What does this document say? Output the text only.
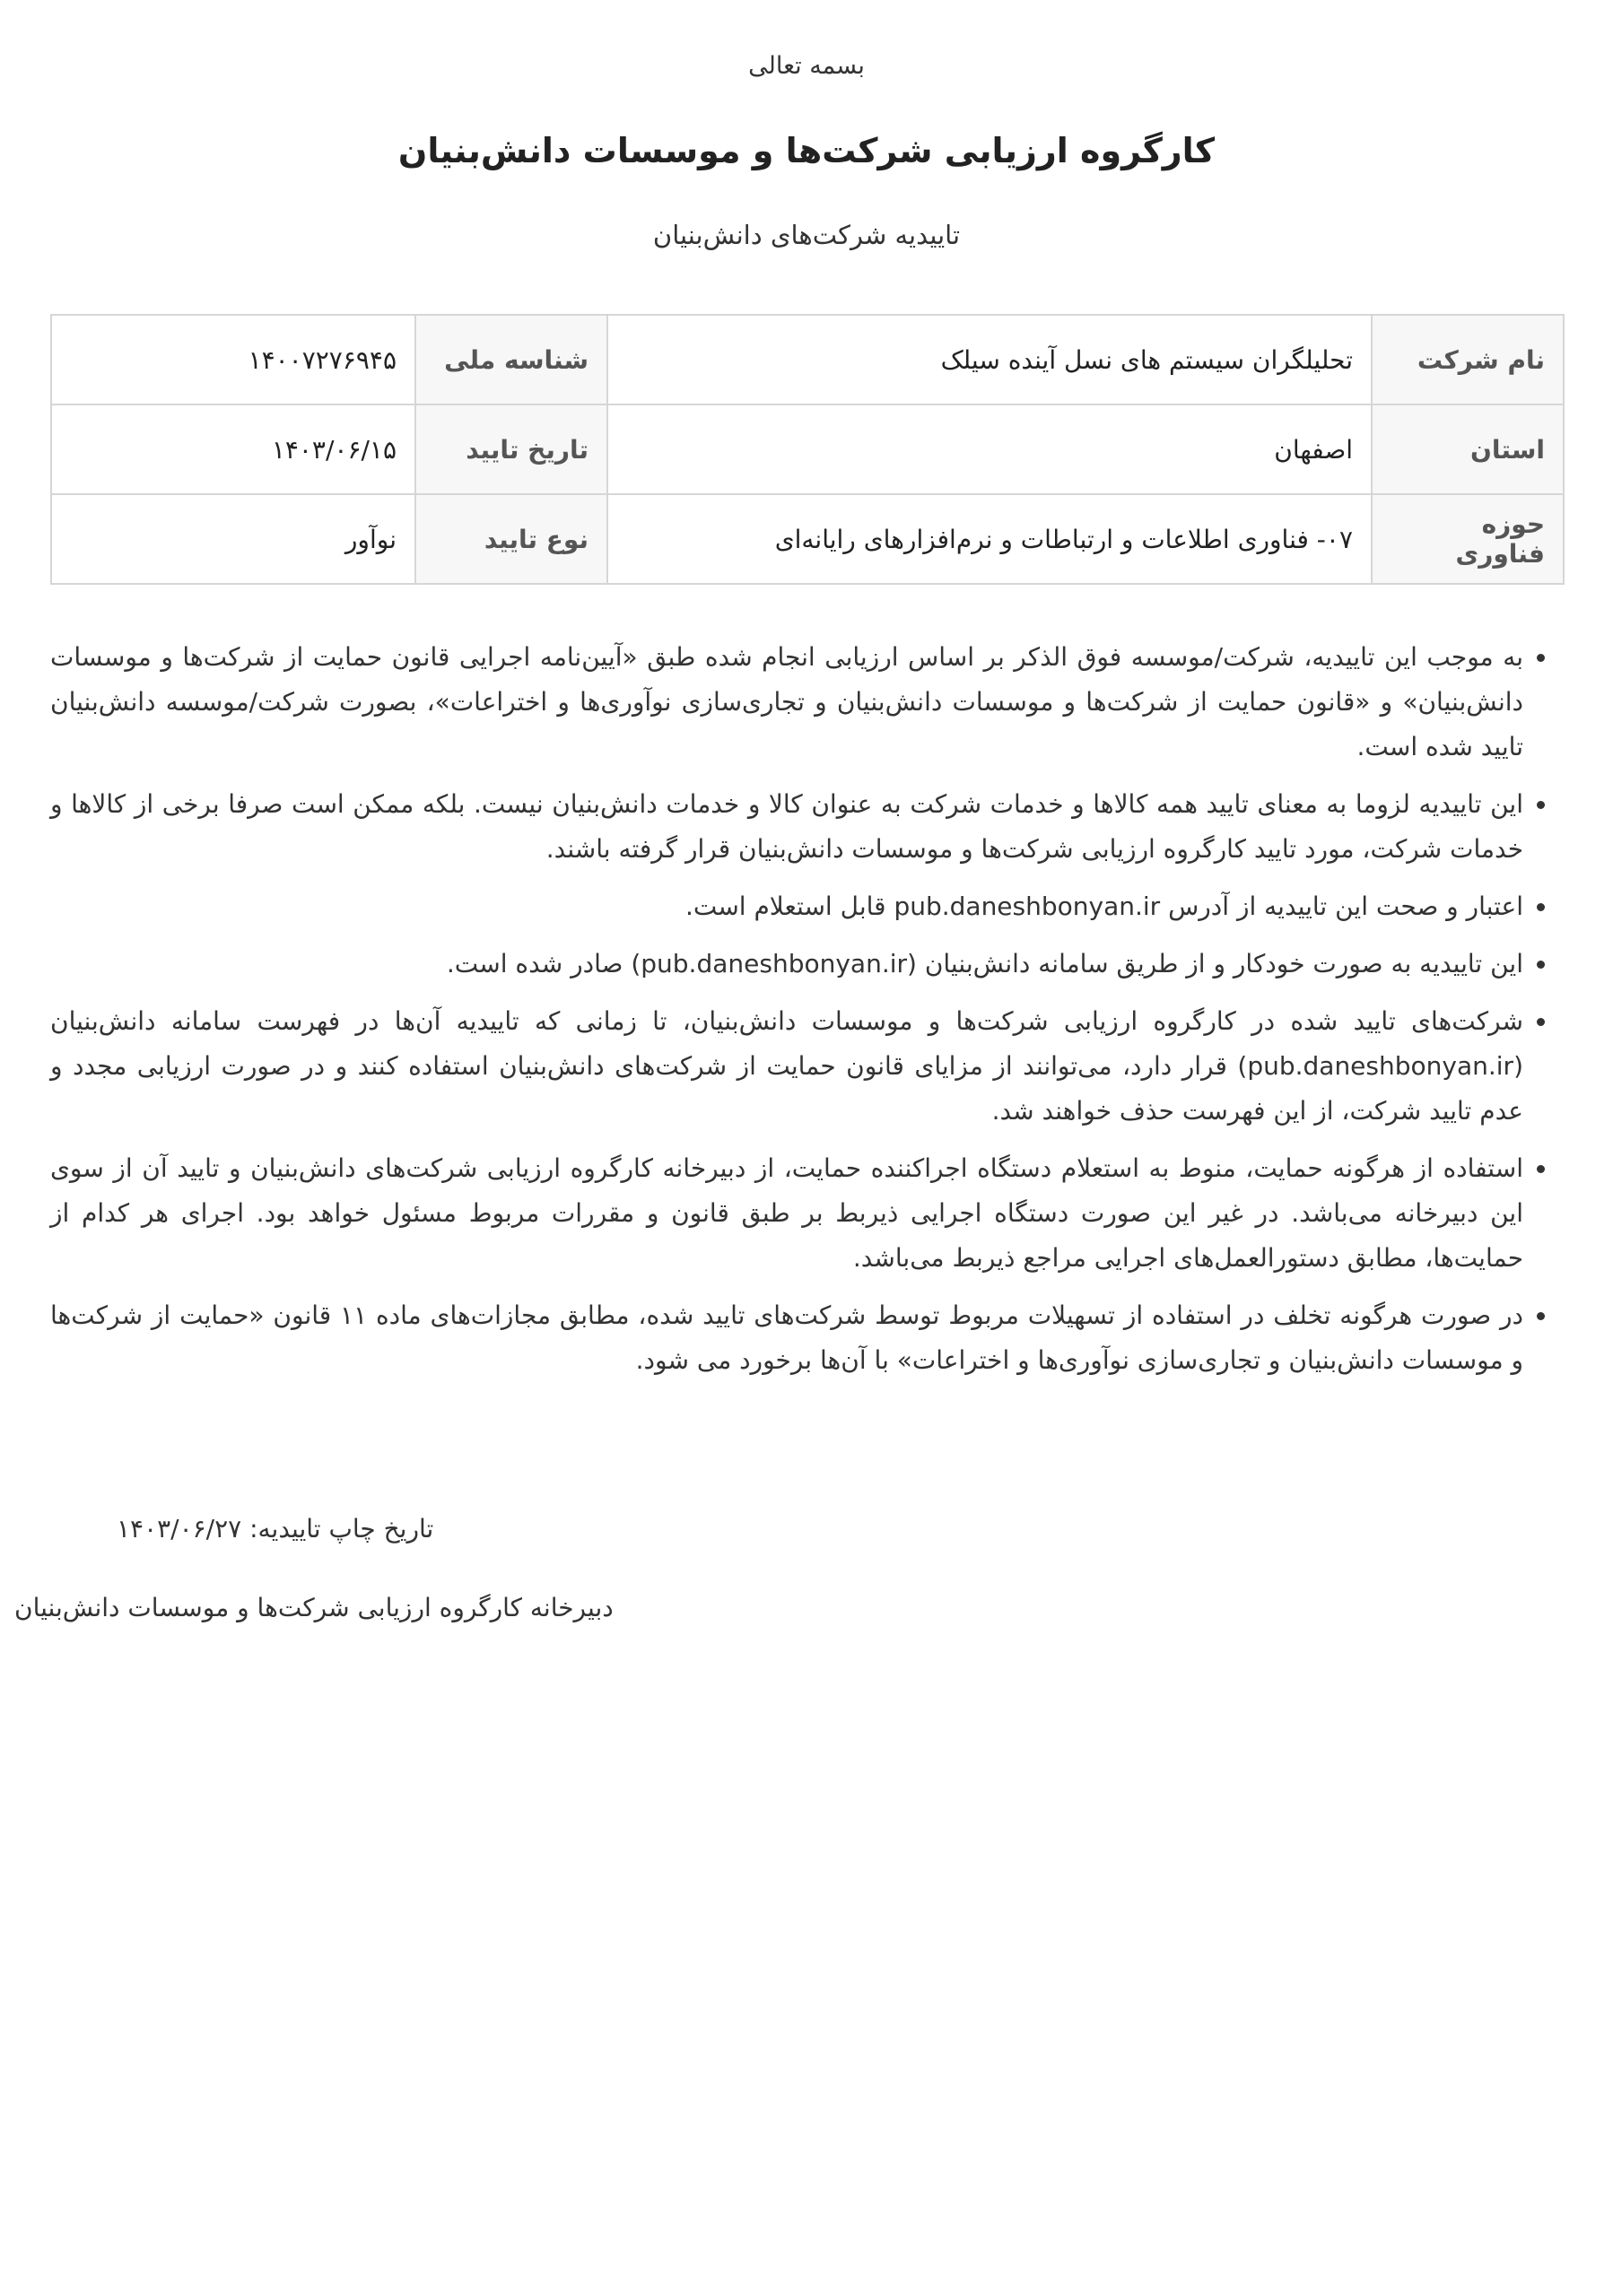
بسمه تعالی
کارگروه ارزیابی شرکت‌ها و موسسات دانش‌بنیان
تاییدیه شرکت‌های دانش‌بنیان
نام شرکت	تحلیلگران سیستم های نسل آینده سیلک	شناسه ملی	۱۴۰۰۷۲۷۶۹۴۵
استان	اصفهان	تاریخ تایید	۱۴۰۳/۰۶/۱۵
حوزه فناوری	۰۷- فناوری اطلاعات و ارتباطات و نرم‌افزارهای رایانه‌ای	نوع تایید	نوآور
• به موجب این تاییدیه، شرکت/موسسه فوق الذکر بر اساس ارزیابی انجام شده طبق «آیین‌نامه اجرایی قانون حمایت از شرکت‌ها و موسسات دانش‌بنیان» و «قانون حمایت از شرکت‌ها و موسسات دانش‌بنیان و تجاری‌سازی نوآوری‌ها و اختراعات»، بصورت شرکت/موسسه دانش‌بنیان تایید شده است.
• این تاییدیه لزوما به معنای تایید همه کالاها و خدمات شرکت به عنوان کالا و خدمات دانش‌بنیان نیست. بلکه ممکن است صرفا برخی از کالاها و خدمات شرکت، مورد تایید کارگروه ارزیابی شرکت‌ها و موسسات دانش‌بنیان قرار گرفته باشند.
• اعتبار و صحت این تاییدیه از آدرس pub.daneshbonyan.ir قابل استعلام است.
• این تاییدیه به صورت خودکار و از طریق سامانه دانش‌بنیان (pub.daneshbonyan.ir) صادر شده است.
• شرکت‌های تایید شده در کارگروه ارزیابی شرکت‌ها و موسسات دانش‌بنیان، تا زمانی که تاییدیه آن‌ها در فهرست سامانه دانش‌بنیان (pub.daneshbonyan.ir) قرار دارد، می‌توانند از مزایای قانون حمایت از شرکت‌های دانش‌بنیان استفاده کنند و در صورت ارزیابی مجدد و عدم تایید شرکت، از این فهرست حذف خواهند شد.
• استفاده از هرگونه حمایت، منوط به استعلام دستگاه اجراکننده حمایت، از دبیرخانه کارگروه ارزیابی شرکت‌های دانش‌بنیان و تایید آن از سوی این دبیرخانه می‌باشد. در غیر این صورت دستگاه اجرایی ذیربط بر طبق قانون و مقررات مربوط مسئول خواهد بود. اجرای هر کدام از حمایت‌ها، مطابق دستورالعمل‌های اجرایی مراجع ذیربط می‌باشد.
• در صورت هرگونه تخلف در استفاده از تسهیلات مربوط توسط شرکت‌های تایید شده، مطابق مجازات‌های ماده ۱۱ قانون «حمایت از شرکت‌ها و موسسات دانش‌بنیان و تجاری‌سازی نوآوری‌ها و اختراعات» با آن‌ها برخورد می شود.
تاریخ چاپ تاییدیه: ۱۴۰۳/۰۶/۲۷
دبیرخانه کارگروه ارزیابی شرکت‌ها و موسسات دانش‌بنیان
